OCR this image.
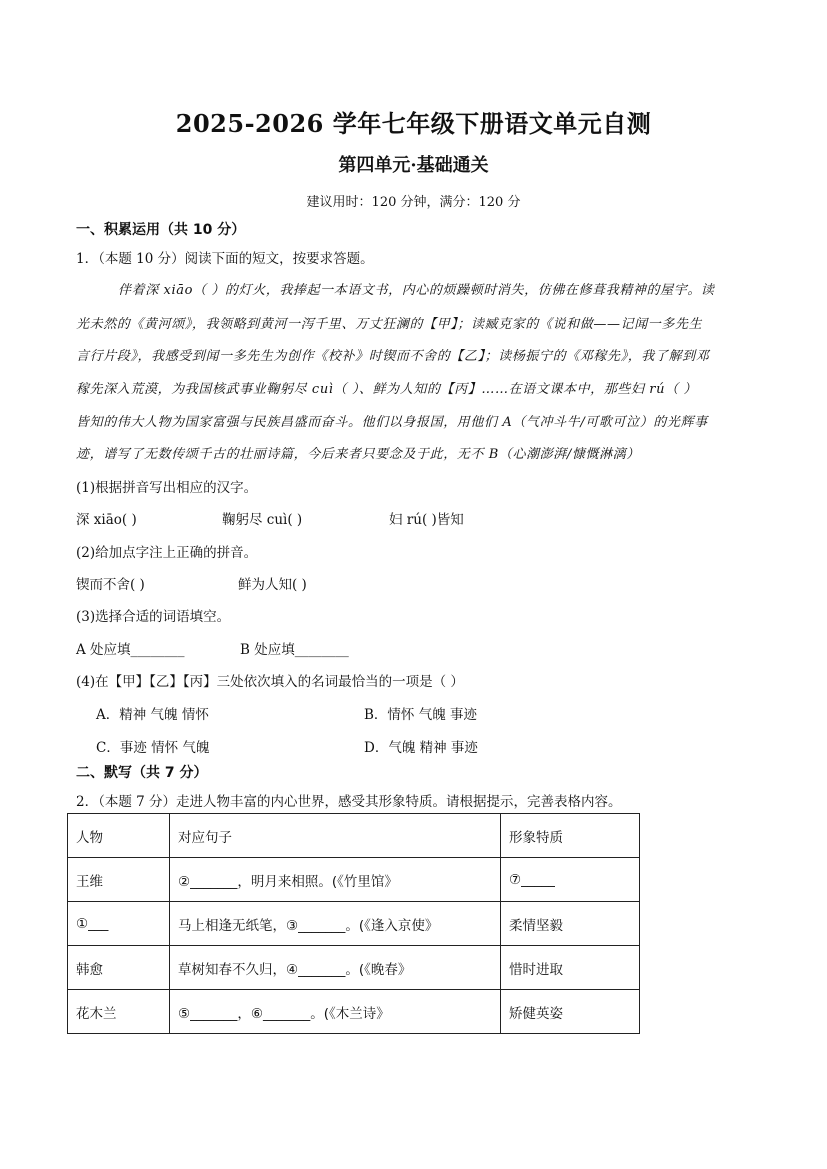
2025-2026 学年七年级下册语文单元自测
第四单元·基础通关
建议用时：120 分钟，满分：120 分
一、积累运用（共 10 分）
1．（本题 10 分）阅读下面的短文，按要求答题。
伴着深 xiāo（ ）的灯火，我捧起一本语文书，内心的烦躁顿时消失，仿佛在修葺我精神的屋宇。读
光未然的《黄河颂》，我领略到黄河一泻千里、万丈狂澜的【甲】；读臧克家的《说和做——记闻一多先生
言行片段》，我感受到闻一多先生为创作《校补》时锲而不舍的【乙】；读杨振宁的《邓稼先》，我了解到邓
稼先深入荒漠，为我国核武事业鞠躬尽 cuì（ ）、鲜为人知的【丙】……在语文课本中，那些妇 rú（ ）
皆知的伟大人物为国家富强与民族昌盛而奋斗。他们以身报国，用他们 A（气冲斗牛/可歌可泣）的光辉事
迹，谱写了无数传颂千古的壮丽诗篇，今后来者只要念及于此，无不 B（心潮澎湃/慷慨淋漓）
(1)根据拼音写出相应的汉字。
深 xiāo( )	鞠躬尽 cuì( )	妇 rú( )皆知
(2)给加点字注上正确的拼音。
锲而不舍( )	鲜为人知( )
(3)选择合适的词语填空。
A 处应填________	B 处应填________
(4)在【甲】【乙】【丙】三处依次填入的名词最恰当的一项是（ ）
A．精神 气魄 情怀	B．情怀 气魄 事迹
C．事迹 情怀 气魄	D．气魄 精神 事迹
二、默写（共 7 分）
2．（本题 7 分）走进人物丰富的内心世界，感受其形象特质。请根据提示，完善表格内容。
人物	对应句子	形象特质
王维	②_______，明月来相照。(《竹里馆》	⑦_____
①___	马上相逢无纸笔，③_______。(《逢入京使》	柔情坚毅
韩愈	草树知春不久归，④_______。(《晚春》	惜时进取
花木兰	⑤_______，⑥_______。(《木兰诗》	矫健英姿
